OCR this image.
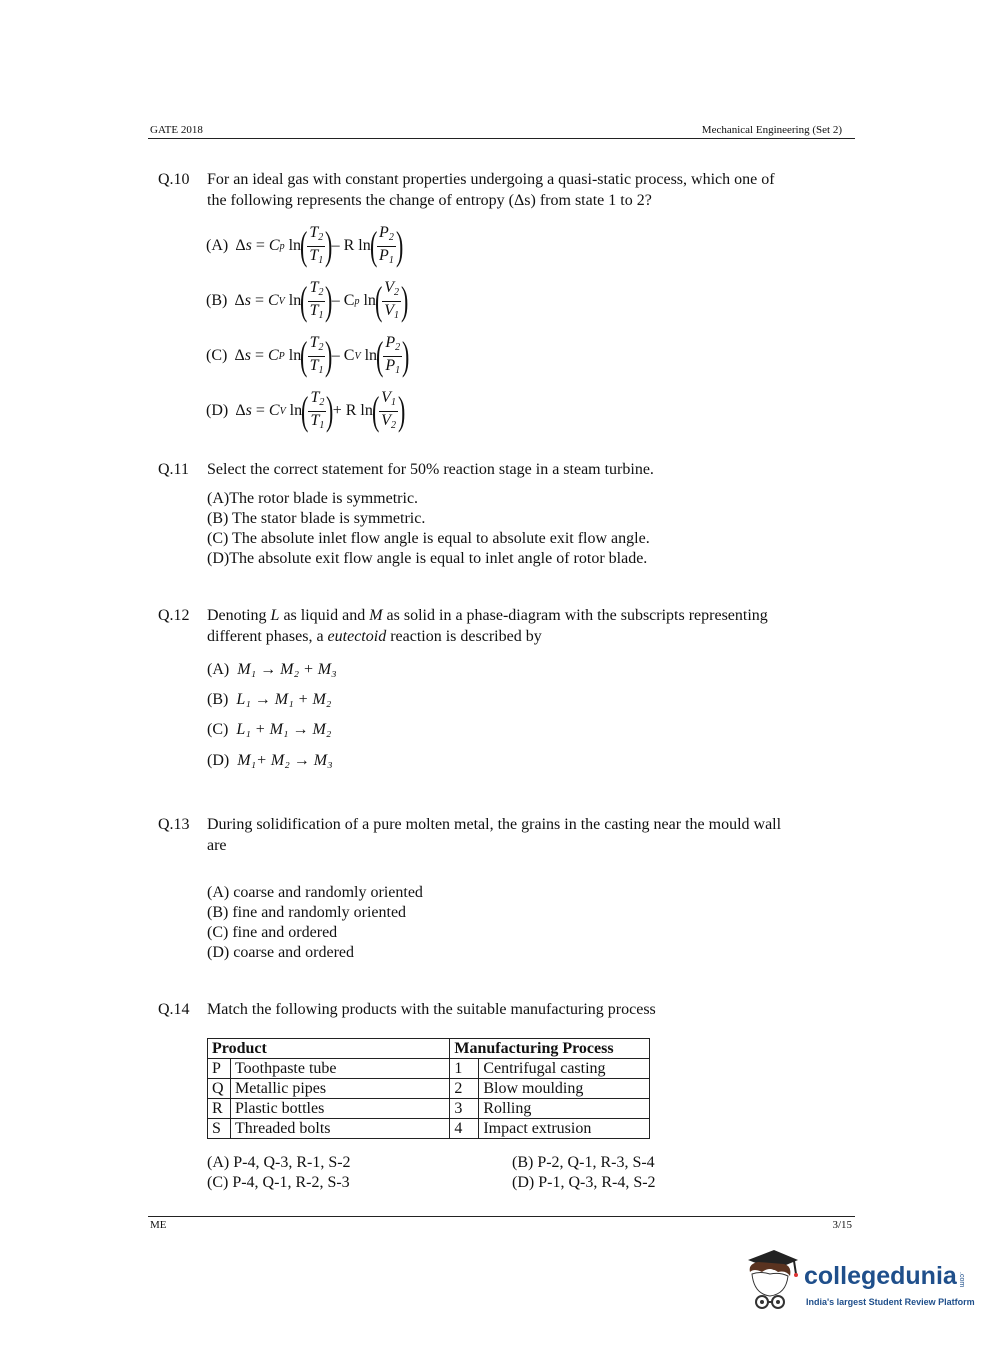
GATE 2018	Mechanical Engineering (Set 2)
Q.10 For an ideal gas with constant properties undergoing a quasi-static process, which one of
the following represents the change of entropy (Δs) from state 1 to 2?
(A) Δ s = C p ln
( $\frac{T_2}{T_1}$ )
– R ln
( $\frac{P_2}{P_1}$ )
(B) Δ s = C V ln
( $\frac{T_2}{T_1}$ )
– C p ln
( $\frac{V_2}{V_1}$ )
(C) Δ s = C P ln
( $\frac{T_2}{T_1}$ )
– C V ln
( $\frac{P_2}{P_1}$ )
(D) Δ s = C V ln
( $\frac{T_2}{T_1}$ )
+ R ln
( $\frac{V_1}{V_2}$ )
Q.11 Select the correct statement for 50% reaction stage in a steam turbine.
(A)The rotor blade is symmetric.
(B) The stator blade is symmetric.
(C) The absolute inlet flow angle is equal to absolute exit flow angle.
(D)The absolute exit flow angle is equal to inlet angle of rotor blade.
Q.12 Denoting L as liquid and M as solid in a phase-diagram with the subscripts representing
different phases, a eutectoid reaction is described by
(A) M₁ → M₂ + M₃
(B) L₁ → M₁ + M₂
(C) L₁ + M₁ → M₂
(D) M₁+ M₂ → M₃
Q.13 During solidification of a pure molten metal, the grains in the casting near the mould wall
are
(A) coarse and randomly oriented
(B) fine and randomly oriented
(C) fine and ordered
(D) coarse and ordered
Q.14 Match the following products with the suitable manufacturing process
Product		Manufacturing Process	
P	Toothpaste tube	1	Centrifugal casting
Q	Metallic pipes	2	Blow moulding
R	Plastic bottles	3	Rolling
S	Threaded bolts	4	Impact extrusion
(A) P-4, Q-3, R-1, S-2	(B) P-2, Q-1, R-3, S-4
(C) P-4, Q-1, R-2, S-3	(D) P-1, Q-3, R-4, S-2
ME	3/15
collegedunia .com
India's largest Student Review Platform
